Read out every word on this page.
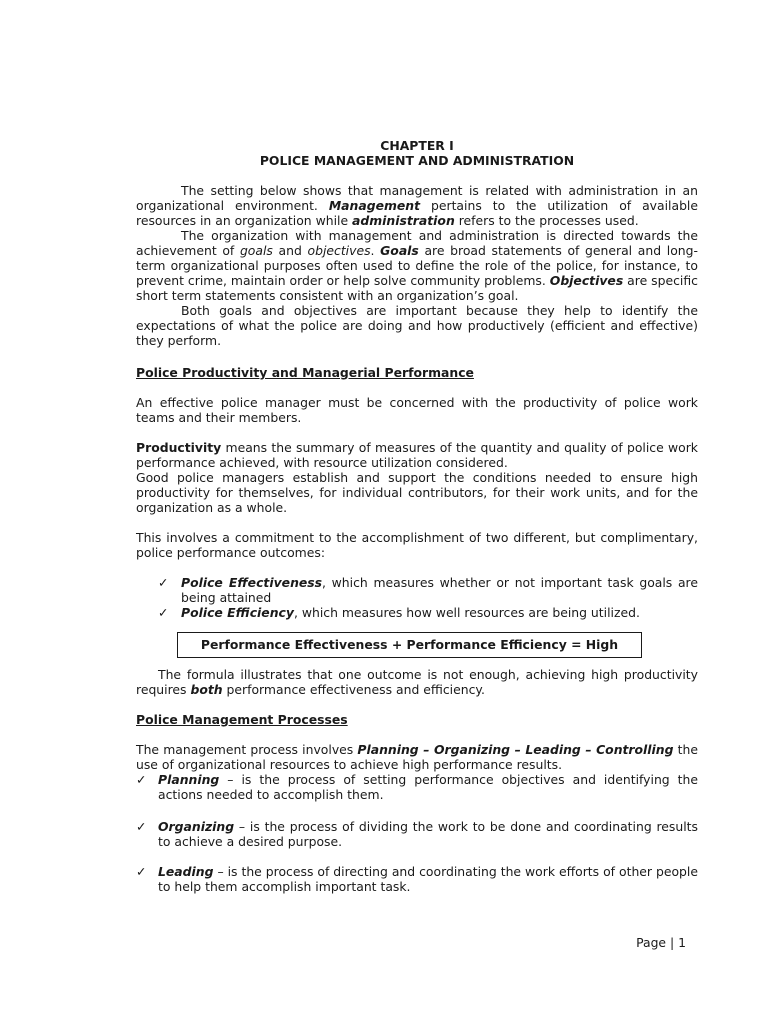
CHAPTER I
POLICE MANAGEMENT AND ADMINISTRATION
The setting below shows that management is related with administration in an organizational environment. Management pertains to the utilization of available resources in an organization while administration refers to the processes used.
The organization with management and administration is directed towards the achievement of goals and objectives. Goals are broad statements of general and long-term organizational purposes often used to define the role of the police, for instance, to prevent crime, maintain order or help solve community problems. Objectives are specific short term statements consistent with an organization’s goal.
Both goals and objectives are important because they help to identify the expectations of what the police are doing and how productively (efficient and effective) they perform.
Police Productivity and Managerial Performance
An effective police manager must be concerned with the productivity of police work teams and their members.
Productivity means the summary of measures of the quantity and quality of police work performance achieved, with resource utilization considered.
Good police managers establish and support the conditions needed to ensure high productivity for themselves, for individual contributors, for their work units, and for the organization as a whole.
This involves a commitment to the accomplishment of two different, but complimentary, police performance outcomes:
✓ Police Effectiveness, which measures whether or not important task goals are being attained
✓ Police Efficiency, which measures how well resources are being utilized.
Performance Effectiveness + Performance Efficiency = High
The formula illustrates that one outcome is not enough, achieving high productivity requires both performance effectiveness and efficiency.
Police Management Processes
The management process involves Planning – Organizing – Leading – Controlling the use of organizational resources to achieve high performance results.
✓ Planning – is the process of setting performance objectives and identifying the actions needed to accomplish them.
✓ Organizing – is the process of dividing the work to be done and coordinating results to achieve a desired purpose.
✓ Leading – is the process of directing and coordinating the work efforts of other people to help them accomplish important task.
Page | 1
